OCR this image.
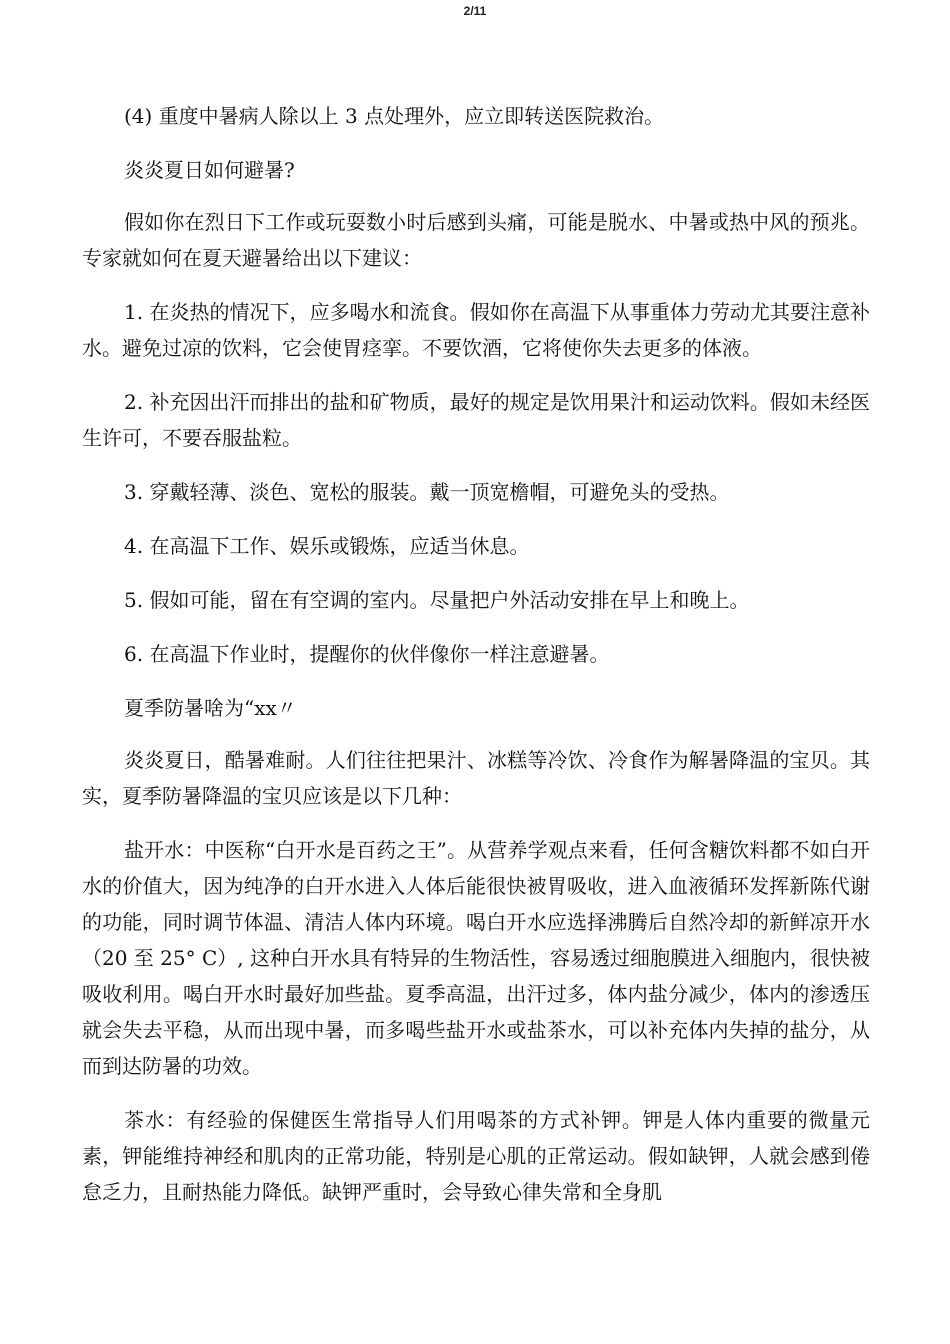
2/11

(4) 重度中暑病人除以上 3 点处理外，应立即转送医院救治。

炎炎夏日如何避暑?

假如你在烈日下工作或玩耍数小时后感到头痛，可能是脱水、中暑或热中风的预兆。专家就如何在夏天避暑给出以下建议：

1. 在炎热的情况下，应多喝水和流食。假如你在高温下从事重体力劳动尤其要注意补水。避免过凉的饮料，它会使胃痉挛。不要饮酒，它将使你失去更多的体液。

2. 补充因出汗而排出的盐和矿物质，最好的规定是饮用果汁和运动饮料。假如未经医生许可，不要吞服盐粒。

3. 穿戴轻薄、淡色、宽松的服装。戴一顶宽檐帽，可避免头的受热。

4. 在高温下工作、娱乐或锻炼，应适当休息。

5. 假如可能，留在有空调的室内。尽量把户外活动安排在早上和晚上。

6. 在高温下作业时，提醒你的伙伴像你一样注意避暑。

夏季防暑啥为“xx〃

炎炎夏日，酷暑难耐。人们往往把果汁、冰糕等冷饮、冷食作为解暑降温的宝贝。其实，夏季防暑降温的宝贝应该是以下几种：

盐开水：中医称“白开水是百药之王”。从营养学观点来看，任何含糖饮料都不如白开水的价值大，因为纯净的白开水进入人体后能很快被胃吸收，进入血液循环发挥新陈代谢的功能，同时调节体温、清洁人体内环境。喝白开水应选择沸腾后自然冷却的新鲜凉开水（20 至 25° C）, 这种白开水具有特异的生物活性，容易透过细胞膜进入细胞内，很快被吸收利用。喝白开水时最好加些盐。夏季高温，出汗过多，体内盐分减少，体内的渗透压就会失去平稳，从而出现中暑，而多喝些盐开水或盐茶水，可以补充体内失掉的盐分，从而到达防暑的功效。

茶水：有经验的保健医生常指导人们用喝茶的方式补钾。钾是人体内重要的微量元素，钾能维持神经和肌肉的正常功能，特别是心肌的正常运动。假如缺钾，人就会感到倦怠乏力，且耐热能力降低。缺钾严重时，会导致心律失常和全身肌
